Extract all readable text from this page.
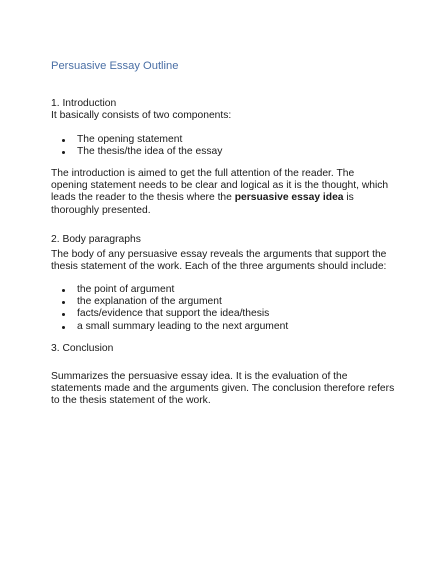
Persuasive Essay Outline
1. Introduction
It basically consists of two components:
The opening statement
The thesis/the idea of the essay
The introduction is aimed to get the full attention of the reader. The
opening statement needs to be clear and logical as it is the thought, which
leads the reader to the thesis where the persuasive essay idea is
thoroughly presented.
2. Body paragraphs
The body of any persuasive essay reveals the arguments that support the
thesis statement of the work. Each of the three arguments should include:
the point of argument
the explanation of the argument
facts/evidence that support the idea/thesis
a small summary leading to the next argument
3. Conclusion
Summarizes the persuasive essay idea. It is the evaluation of the
statements made and the arguments given. The conclusion therefore refers
to the thesis statement of the work.
